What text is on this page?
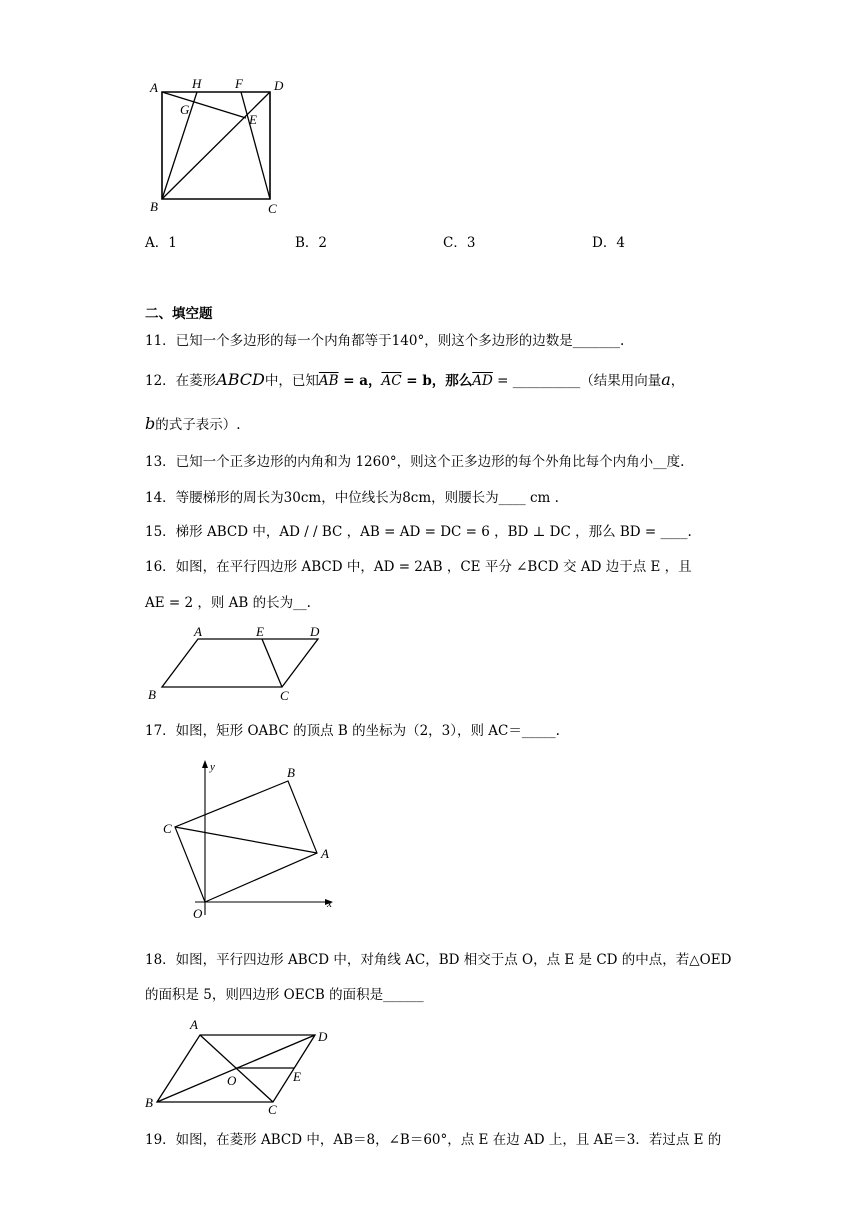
A	H	F D
G
E
B	C
A．1	B．2	C．3	D．4
二、填空题
11．已知一个多边形的每一个内角都等于140°，则这个多边形的边数是_______.
12．在菱形ABCD中，已知$\overline{AB} = a$，$\overline{AC} = b$，那么$\overline{AD}$ = __________（结果用向量a，
b的式子表示）.
13．已知一个正多边形的内角和为 1260°，则这个正多边形的每个外角比每个内角小__度.
14．等腰梯形的周长为30cm，中位线长为8cm，则腰长为____ cm .
15．梯形 ABCD 中，AD / / BC ，AB = AD = DC = 6 ，BD ⊥ DC ，那么 BD = ____.
16．如图，在平行四边形 ABCD 中，AD = 2AB ，CE 平分 ∠BCD 交 AD 边于点 E ，且
AE = 2 ，则 AB 的长为__.
A	E	D
B	C
17．如图，矩形 OABC 的顶点 B 的坐标为（2，3），则 AC＝_____.
y	B
C
A
O
x
18．如图，平行四边形 ABCD 中，对角线 AC，BD 相交于点 O，点 E 是 CD 的中点，若△OED
的面积是 5，则四边形 OECB 的面积是______
A
D
O	E
B	C
19．如图，在菱形 ABCD 中，AB＝8，∠B＝60°，点 E 在边 AD 上，且 AE＝3．若过点 E 的
